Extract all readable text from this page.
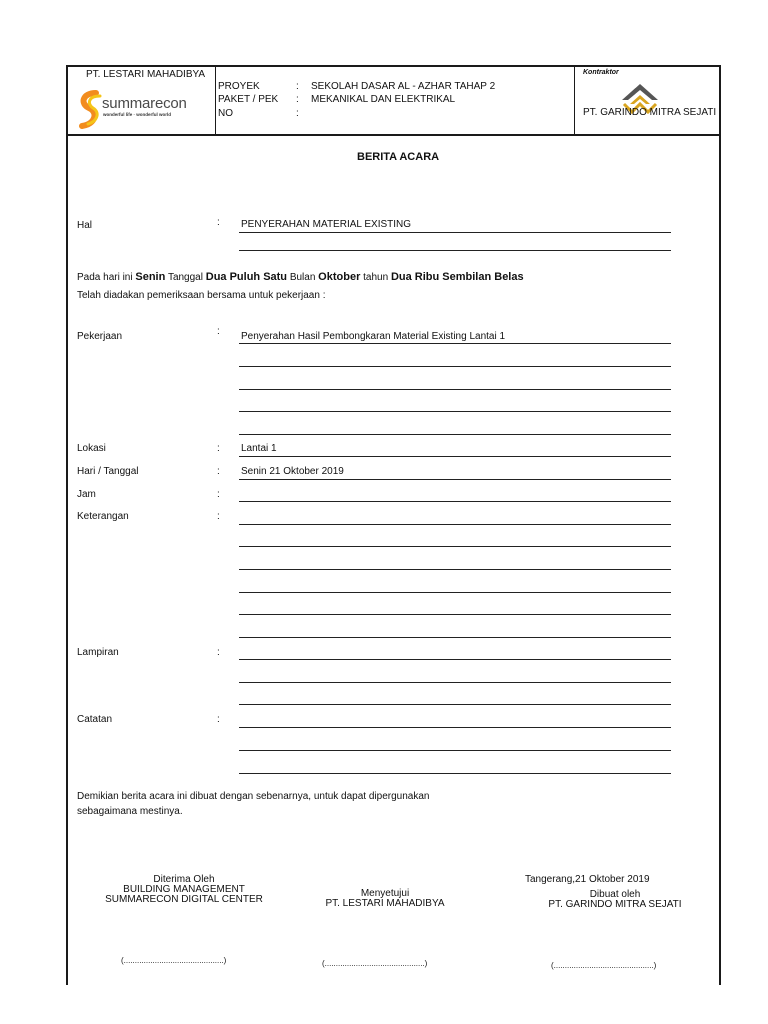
PT. LESTARI MAHADIBYA
summarecon
wonderful life · wonderful world
PROYEK	: SEKOLAH DASAR AL - AZHAR TAHAP 2
PAKET / PEK : MEKANIKAL DAN ELEKTRIKAL
NO	:
Kontraktor
PT. GARINDO MITRA SEJATI
BERITA ACARA
Hal	: PENYERAHAN MATERIAL EXISTING
Pada hari ini Senin Tanggal Dua Puluh Satu Bulan Oktober tahun Dua Ribu Sembilan Belas
Telah diadakan pemeriksaan bersama untuk pekerjaan :
Pekerjaan	: Penyerahan Hasil Pembongkaran Material Existing Lantai 1
Lokasi	: Lantai 1
Hari / Tanggal	: Senin 21 Oktober 2019
Jam	:
Keterangan	:
Lampiran	:
Catatan	:
Demikian berita acara ini dibuat dengan sebenarnya, untuk dapat dipergunakan
sebagaimana mestinya.
Diterima Oleh
BUILDING MANAGEMENT
SUMMARECON DIGITAL CENTER
(.............................................)
Menyetujui
PT. LESTARI MAHADIBYA
(.............................................)
Tangerang,21 Oktober 2019
Dibuat oleh
PT. GARINDO MITRA SEJATI
(.............................................)
